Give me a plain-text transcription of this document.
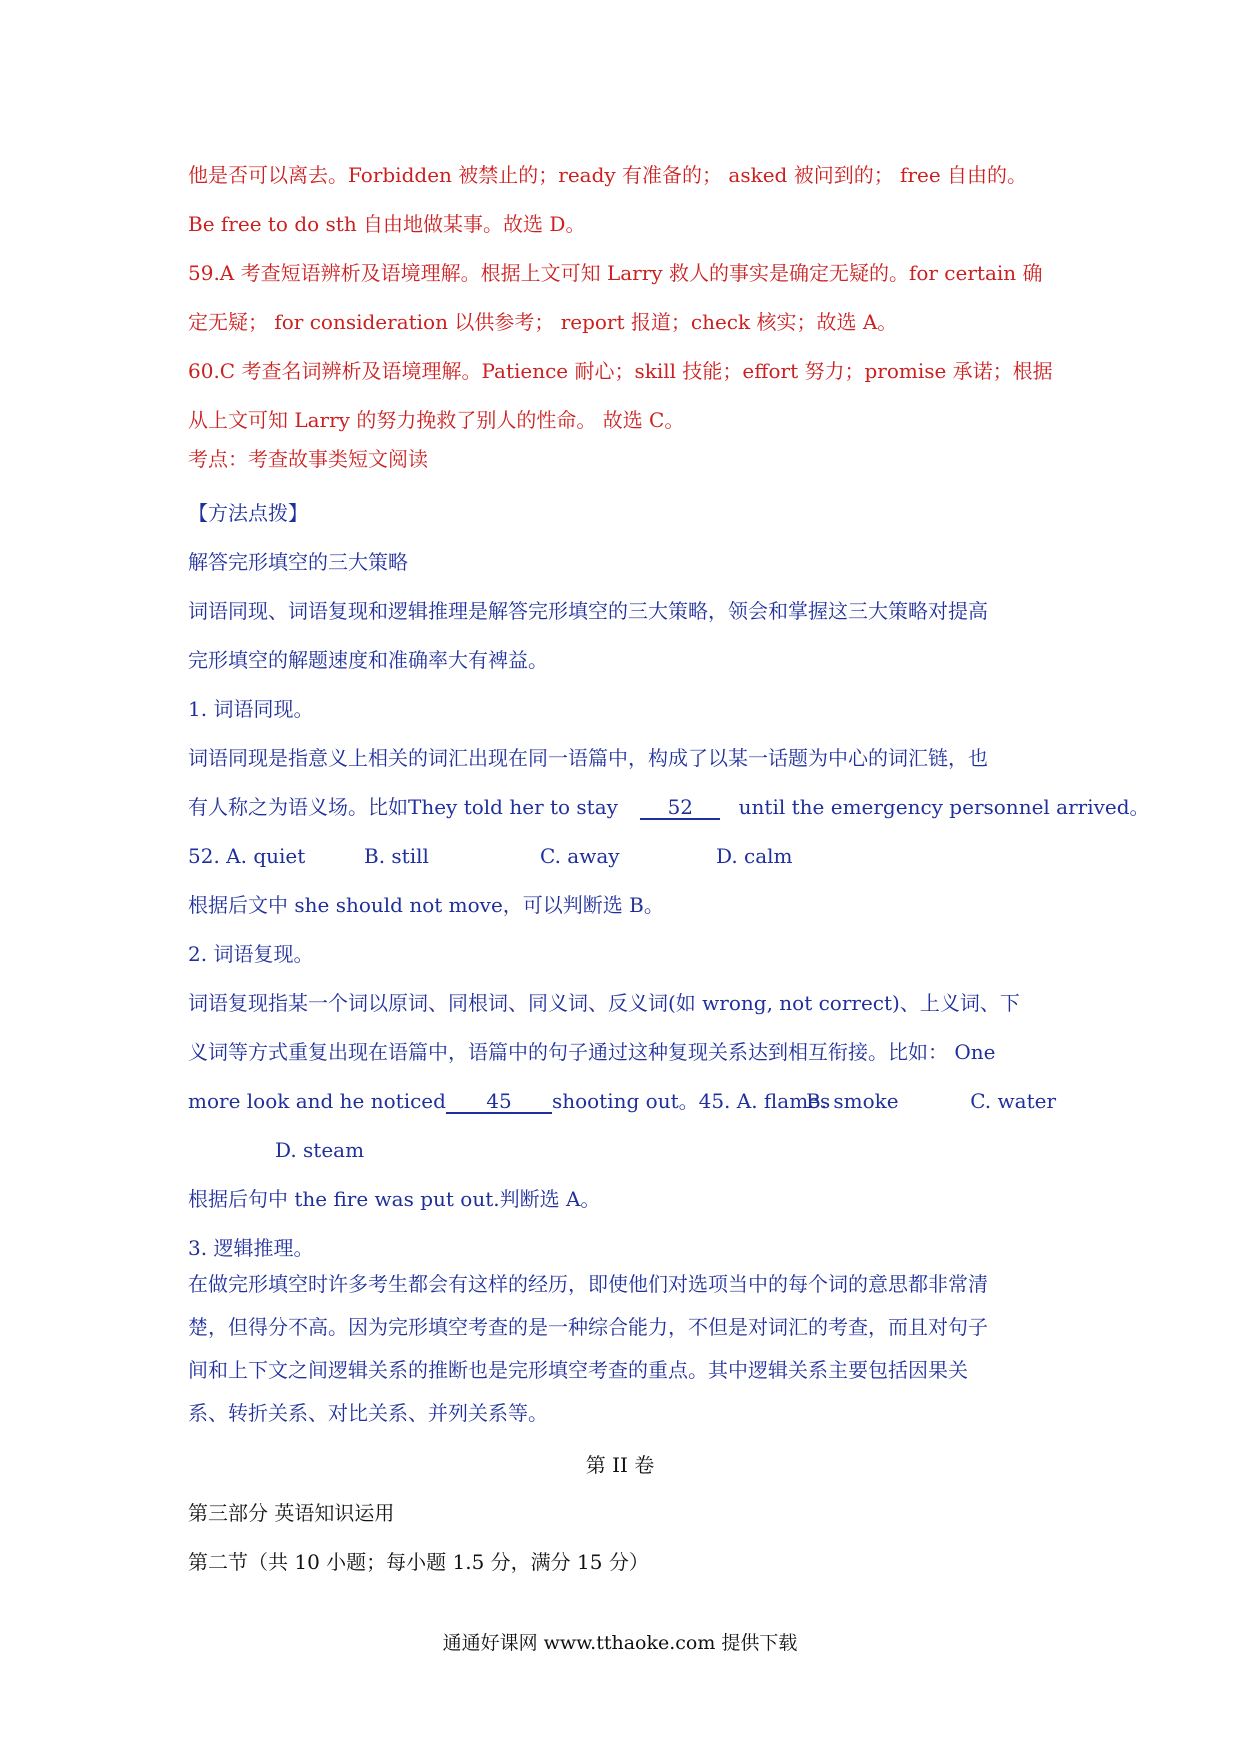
他是否可以离去。Forbidden 被禁止的；ready 有准备的； asked 被问到的； free 自由的。
Be free to do sth 自由地做某事。故选 D。
59.A 考查短语辨析及语境理解。根据上文可知 Larry 救人的事实是确定无疑的。for certain 确
定无疑； for consideration 以供参考； report 报道；check 核实；故选 A。
60.C 考查名词辨析及语境理解。Patience 耐心；skill 技能；effort 努力；promise 承诺；根据
从上文可知 Larry 的努力挽救了别人的性命。 故选 C。
考点：考查故事类短文阅读
【方法点拨】
解答完形填空的三大策略
词语同现、词语复现和逻辑推理是解答完形填空的三大策略，领会和掌握这三大策略对提高
完形填空的解题速度和准确率大有裨益。
1. 词语同现。
词语同现是指意义上相关的词汇出现在同一语篇中，构成了以某一话题为中心的词汇链，也
有人称之为语义场。比如They told her to stay 52 until the emergency personnel arrived。
52. A. quiet	B. still	C. away	D. calm
根据后文中 she should not move，可以判断选 B。
2. 词语复现。
词语复现指某一个词以原词、同根词、同义词、反义词(如 wrong, not correct)、上义词、下
义词等方式重复出现在语篇中，语篇中的句子通过这种复现关系达到相互衔接。比如： One
more look and he noticed 45 shooting out。45. A. flames
B. smoke	C. water
D. steam
根据后句中 the fire was put out.判断选 A。
3. 逻辑推理。
在做完形填空时许多考生都会有这样的经历，即使他们对选项当中的每个词的意思都非常清
楚，但得分不高。因为完形填空考查的是一种综合能力，不但是对词汇的考查，而且对句子
间和上下文之间逻辑关系的推断也是完形填空考查的重点。其中逻辑关系主要包括因果关
系、转折关系、对比关系、并列关系等。
第 II 卷
第三部分 英语知识运用
第二节（共 10 小题；每小题 1.5 分，满分 15 分）
通通好课网 www.tthaoke.com 提供下载
